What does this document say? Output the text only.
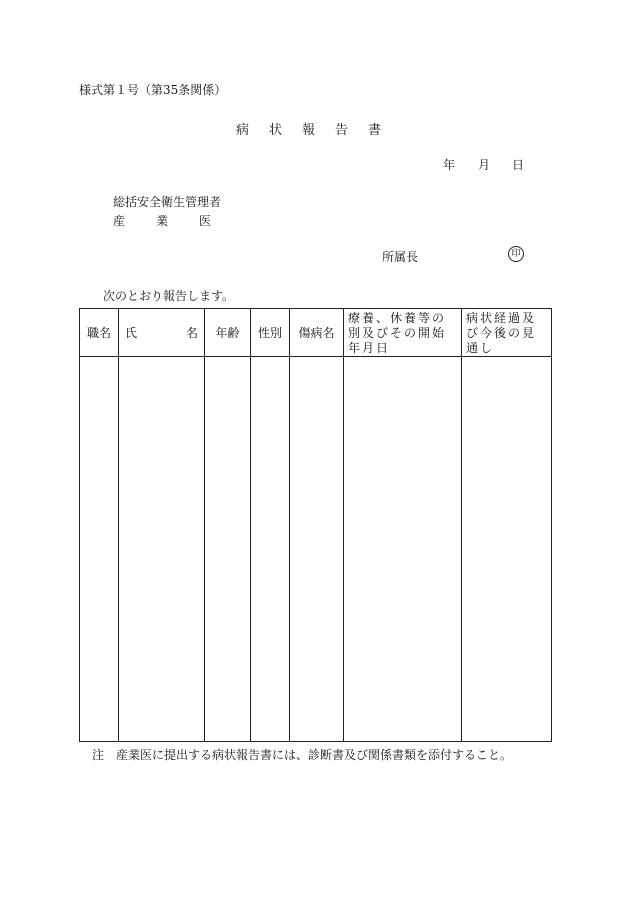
様式第１号（第35条関係）
病状報告書
年 月 日
総括安全衛生管理者
産業医
所属長	印
次のとおり報告します。
職名	氏 名	年齢	性別	傷病名	療養、休養等の別及びその開始年月日	病状経過及び今後の見通し

注　産業医に提出する病状報告書には、診断書及び関係書類を添付すること。
